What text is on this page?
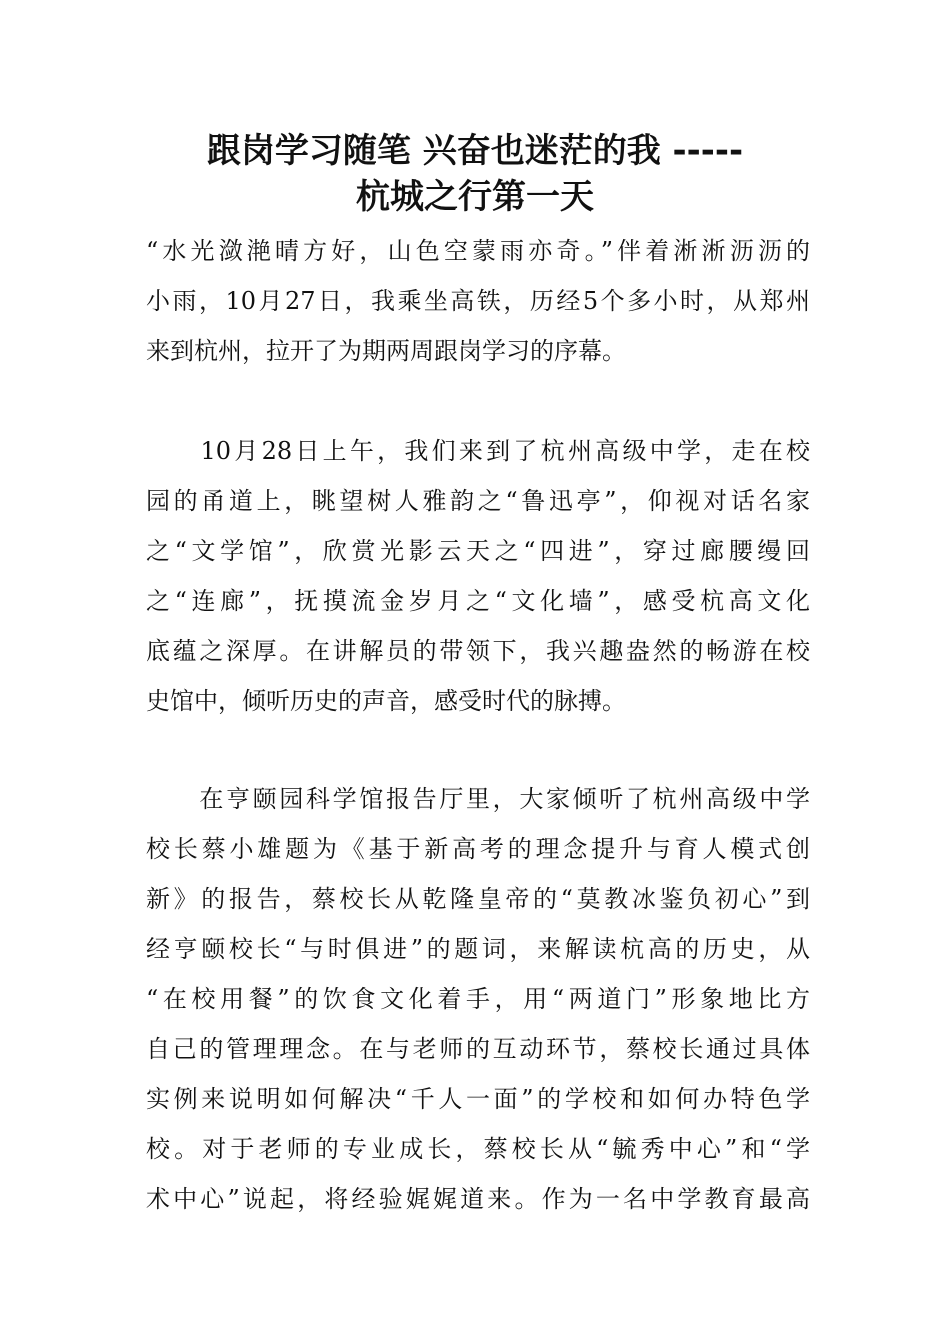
跟岗学习随笔 兴奋也迷茫的我 -----
杭城之行第一天

“水光潋滟晴方好，山色空蒙雨亦奇。”伴着淅淅沥沥的
小雨，10月27日，我乘坐高铁，历经5个多小时，从郑州
来到杭州，拉开了为期两周跟岗学习的序幕。

　　10月28日上午，我们来到了杭州高级中学，走在校
园的甬道上，眺望树人雅韵之“鲁迅亭”，仰视对话名家
之“文学馆”，欣赏光影云天之“四进”，穿过廊腰缦回
之“连廊”，抚摸流金岁月之“文化墙”，感受杭高文化
底蕴之深厚。在讲解员的带领下，我兴趣盎然的畅游在校
史馆中，倾听历史的声音，感受时代的脉搏。

　　在亨颐园科学馆报告厅里，大家倾听了杭州高级中学
校长蔡小雄题为《基于新高考的理念提升与育人模式创
新》的报告，蔡校长从乾隆皇帝的“莫教冰鉴负初心”到
经亨颐校长“与时俱进”的题词，来解读杭高的历史，从
“在校用餐”的饮食文化着手，用“两道门”形象地比方
自己的管理理念。在与老师的互动环节，蔡校长通过具体
实例来说明如何解决“千人一面”的学校和如何办特色学
校。对于老师的专业成长，蔡校长从“毓秀中心”和“学
术中心”说起，将经验娓娓道来。作为一名中学教育最高
